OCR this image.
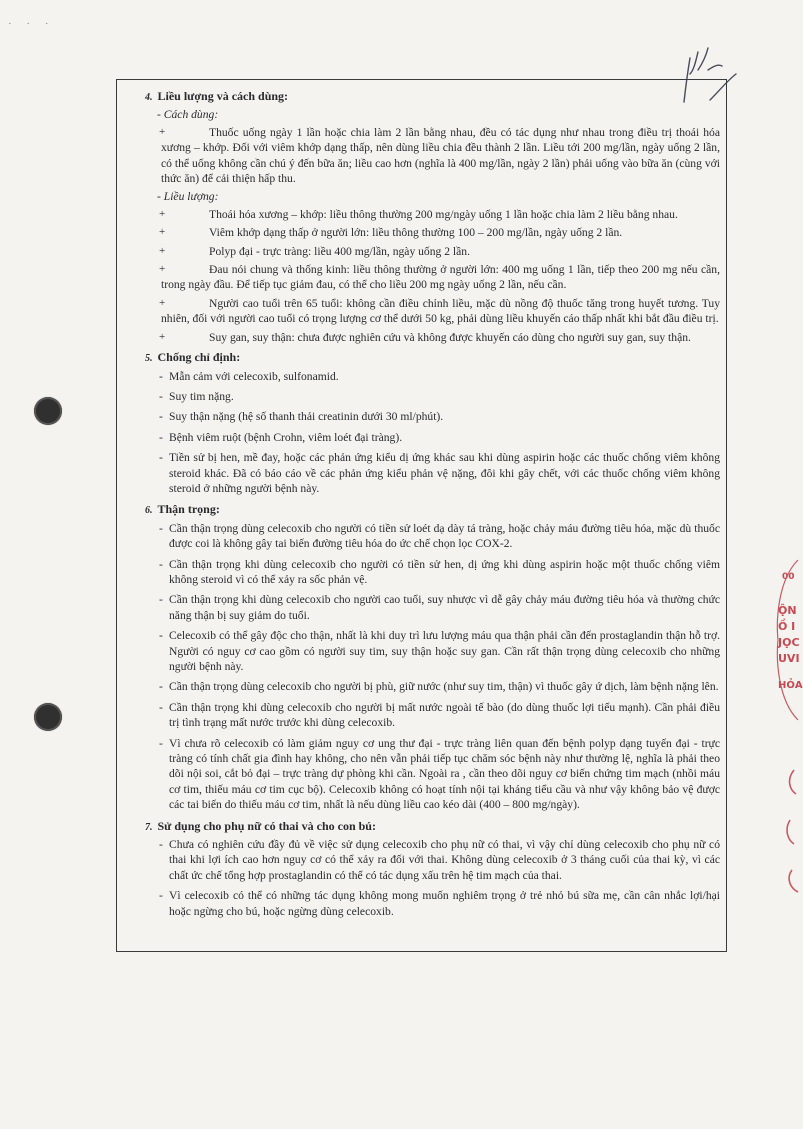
· · ·
00
ỘN
Ồ I
JỌC
UVI
HỎA

4. Liều lượng và cách dùng:

- Cách dùng:
+	Thuốc uống ngày 1 lần hoặc chia làm 2 lần bằng nhau, đều có tác dụng như nhau trong điều trị thoái hóa xương – khớp. Đối với viêm khớp dạng thấp, nên dùng liều chia đều thành 2 lần. Liều tới 200 mg/lần, ngày uống 2 lần, có thể uống không cần chú ý đến bữa ăn; liều cao hơn (nghĩa là 400 mg/lần, ngày 2 lần) phải uống vào bữa ăn (cùng với thức ăn) để cải thiện hấp thu.
- Liều lượng:
+	Thoái hóa xương – khớp: liều thông thường 200 mg/ngày uống 1 lần hoặc chia làm 2 liều bằng nhau.
+	Viêm khớp dạng thấp ở người lớn: liều thông thường 100 – 200 mg/lần, ngày uống 2 lần.
+	Polyp đại - trực tràng: liều 400 mg/lần, ngày uống 2 lần.
+	Đau nói chung và thống kinh: liều thông thường ở người lớn: 400 mg uống 1 lần, tiếp theo 200 mg nếu cần, trong ngày đầu. Để tiếp tục giảm đau, có thể cho liều 200 mg ngày uống 2 lần, nếu cần.
+	Người cao tuổi trên 65 tuổi: không cần điều chỉnh liều, mặc dù nồng độ thuốc tăng trong huyết tương. Tuy nhiên, đối với người cao tuổi có trọng lượng cơ thể dưới 50 kg, phải dùng liều khuyến cáo thấp nhất khi bắt đầu điều trị.
+	Suy gan, suy thận: chưa được nghiên cứu và không được khuyến cáo dùng cho người suy gan, suy thận.

5. Chống chỉ định:

- Mẫn cảm với celecoxib, sulfonamid.
- Suy tim nặng.
- Suy thận nặng (hệ số thanh thải creatinin dưới 30 ml/phút).
- Bệnh viêm ruột (bệnh Crohn, viêm loét đại tràng).
- Tiền sử bị hen, mề đay, hoặc các phản ứng kiểu dị ứng khác sau khi dùng aspirin hoặc các thuốc chống viêm không steroid khác. Đã có báo cáo về các phản ứng kiểu phản vệ nặng, đôi khi gây chết, với các thuốc chống viêm không steroid ở những người bệnh này.

6. Thận trọng:

- Cần thận trọng dùng celecoxib cho người có tiền sử loét dạ dày tá tràng, hoặc chảy máu đường tiêu hóa, mặc dù thuốc được coi là không gây tai biến đường tiêu hóa do ức chế chọn lọc COX-2.
- Cần thận trọng khi dùng celecoxib cho người có tiền sử hen, dị ứng khi dùng aspirin hoặc một thuốc chống viêm không steroid vì có thể xảy ra sốc phản vệ.
- Cần thận trọng khi dùng celecoxib cho người cao tuổi, suy nhược vì dễ gây chảy máu đường tiêu hóa và thường chức năng thận bị suy giảm do tuổi.
- Celecoxib có thể gây độc cho thận, nhất là khi duy trì lưu lượng máu qua thận phải cần đến prostaglandin thận hỗ trợ. Người có nguy cơ cao gồm có người suy tim, suy thận hoặc suy gan. Cần rất thận trọng dùng celecoxib cho những người bệnh này.
- Cần thận trọng dùng celecoxib cho người bị phù, giữ nước (như suy tim, thận) vì thuốc gây ứ dịch, làm bệnh nặng lên.
- Cần thận trọng khi dùng celecoxib cho người bị mất nước ngoài tế bào (do dùng thuốc lợi tiểu mạnh). Cần phải điều trị tình trạng mất nước trước khi dùng celecoxib.
- Vì chưa rõ celecoxib có làm giảm nguy cơ ung thư đại - trực tràng liên quan đến bệnh polyp dạng tuyến đại - trực tràng có tính chất gia đình hay không, cho nên vẫn phải tiếp tục chăm sóc bệnh này như thường lệ, nghĩa là phải theo dõi nội soi, cắt bỏ đại – trực tràng dự phòng khi cần. Ngoài ra , cần theo dõi nguy cơ biến chứng tim mạch (nhồi máu cơ tim, thiếu máu cơ tim cục bộ). Celecoxib không có hoạt tính nội tại kháng tiểu cầu và như vậy không bảo vệ được các tai biến do thiếu máu cơ tim, nhất là nếu dùng liều cao kéo dài (400 – 800 mg/ngày).

7. Sử dụng cho phụ nữ có thai và cho con bú:

- Chưa có nghiên cứu đầy đủ về việc sử dụng celecoxib cho phụ nữ có thai, vì vậy chỉ dùng celecoxib cho phụ nữ có thai khi lợi ích cao hơn nguy cơ có thể xảy ra đối với thai. Không dùng celecoxib ở 3 tháng cuối của thai kỳ, vì các chất ức chế tổng hợp prostaglandin có thể có tác dụng xấu trên hệ tim mạch của thai.
- Vì celecoxib có thể có những tác dụng không mong muốn nghiêm trọng ở trẻ nhỏ bú sữa mẹ, cần cân nhắc lợi/hại hoặc ngừng cho bú, hoặc ngừng dùng celecoxib.
